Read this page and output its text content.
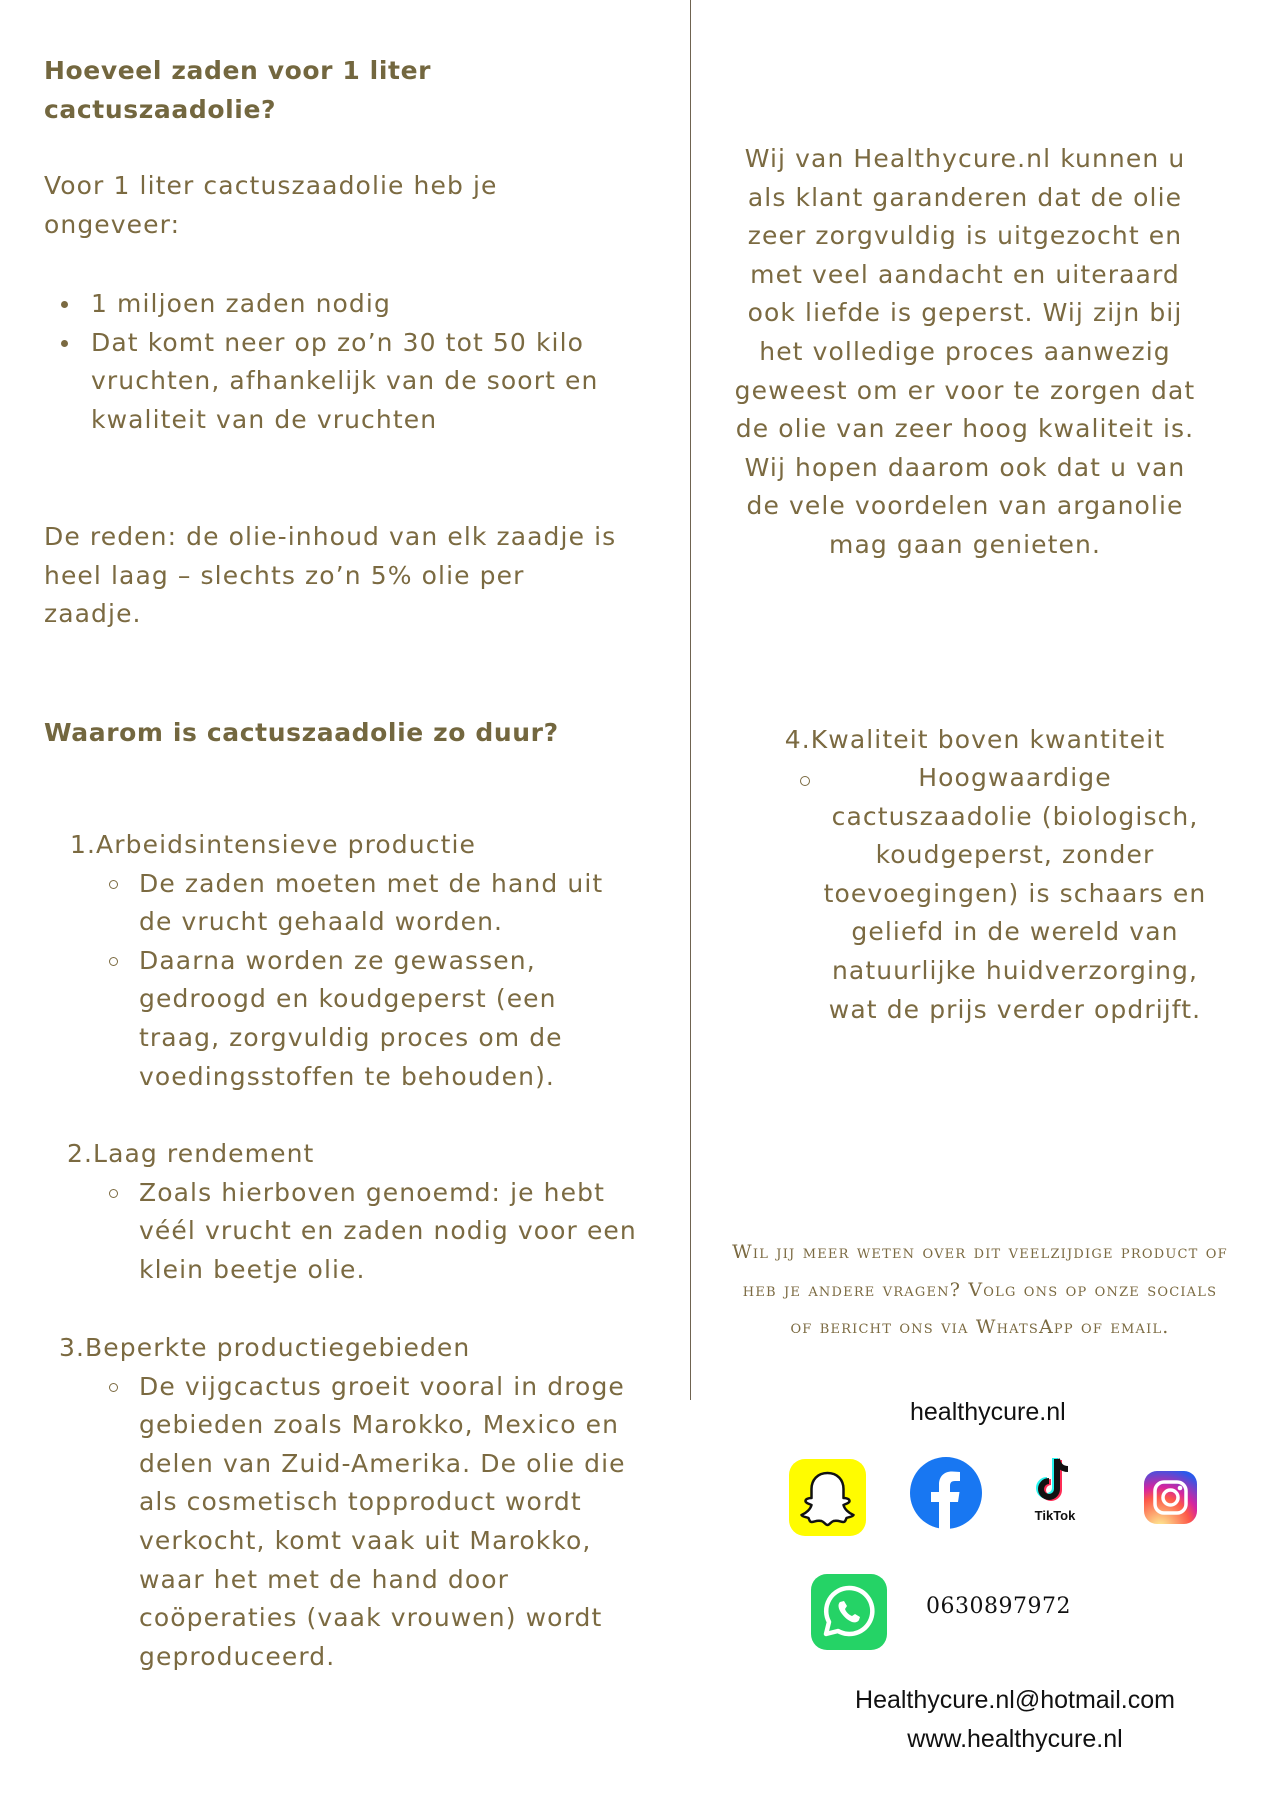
Hoeveel zaden voor 1 liter cactuszaadolie?
Voor 1 liter cactuszaadolie heb je ongeveer:
1 miljoen zaden nodig
Dat komt neer op zo’n 30 tot 50 kilo vruchten, afhankelijk van de soort en kwaliteit van de vruchten
De reden: de olie-inhoud van elk zaadje is heel laag – slechts zo’n 5% olie per zaadje.
Waarom is cactuszaadolie zo duur?
1.Arbeidsintensieve productie
De zaden moeten met de hand uit de vrucht gehaald worden.
Daarna worden ze gewassen, gedroogd en koudgeperst (een traag, zorgvuldig proces om de voedingsstoffen te behouden).
2.Laag rendement
Zoals hierboven genoemd: je hebt véél vrucht en zaden nodig voor een klein beetje olie.
3.Beperkte productiegebieden
De vijgcactus groeit vooral in droge gebieden zoals Marokko, Mexico en delen van Zuid-Amerika. De olie die als cosmetisch topproduct wordt verkocht, komt vaak uit Marokko, waar het met de hand door coöperaties (vaak vrouwen) wordt geproduceerd.
Wij van Healthycure.nl kunnen u als klant garanderen dat de olie zeer zorgvuldig is uitgezocht en met veel aandacht en uiteraard ook liefde is geperst. Wij zijn bij het volledige proces aanwezig geweest om er voor te zorgen dat de olie van zeer hoog kwaliteit is. Wij hopen daarom ook dat u van de vele voordelen van arganolie mag gaan genieten.
4.Kwaliteit boven kwantiteit
Hoogwaardige cactuszaadolie (biologisch, koudgeperst, zonder toevoegingen) is schaars en geliefd in de wereld van natuurlijke huidverzorging, wat de prijs verder opdrijft.
Wil jij meer weten over dit veelzijdige product of heb je andere vragen? Volg ons op onze socials of bericht ons via WhatsApp of email.
healthycure.nl
TikTok
0630897972
Healthycure.nl@hotmail.com
www.healthycure.nl
